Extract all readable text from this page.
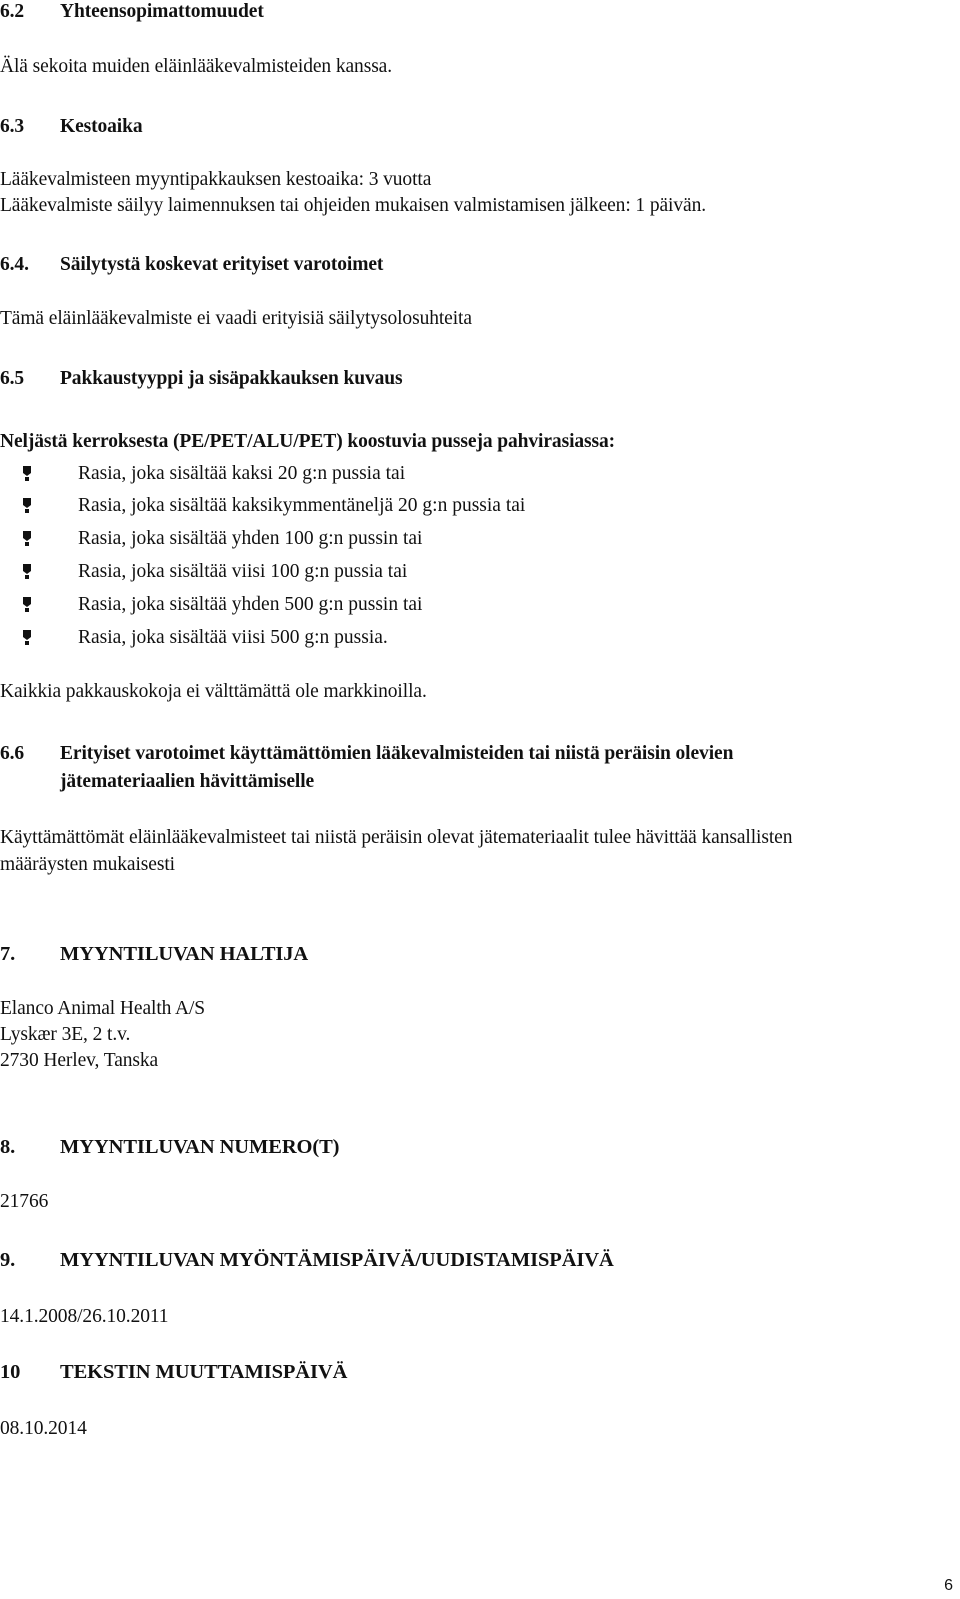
6.2 Yhteensopimattomuudet
Älä sekoita muiden eläinlääkevalmisteiden kanssa.
6.3 Kestoaika
Lääkevalmisteen myyntipakkauksen kestoaika: 3 vuotta
Lääkevalmiste säilyy laimennuksen tai ohjeiden mukaisen valmistamisen jälkeen: 1 päivän.
6.4. Säilytystä koskevat erityiset varotoimet
Tämä eläinlääkevalmiste ei vaadi erityisiä säilytysolosuhteita
6.5 Pakkaustyyppi ja sisäpakkauksen kuvaus
Neljästä kerroksesta (PE/PET/ALU/PET) koostuvia pusseja pahvirasiassa:
Rasia, joka sisältää kaksi 20 g:n pussia tai
Rasia, joka sisältää kaksikymmentäneljä 20 g:n pussia tai
Rasia, joka sisältää yhden 100 g:n pussin tai
Rasia, joka sisältää viisi 100 g:n pussia tai
Rasia, joka sisältää yhden 500 g:n pussin tai
Rasia, joka sisältää viisi 500 g:n pussia.
Kaikkia pakkauskokoja ei välttämättä ole markkinoilla.
6.6 Erityiset varotoimet käyttämättömien lääkevalmisteiden tai niistä peräisin olevien
jätemateriaalien hävittämiselle
Käyttämättömät eläinlääkevalmisteet tai niistä peräisin olevat jätemateriaalit tulee hävittää kansallisten
määräysten mukaisesti
7. MYYNTILUVAN HALTIJA
Elanco Animal Health A/S
Lyskær 3E, 2 t.v.
2730 Herlev, Tanska
8. MYYNTILUVAN NUMERO(T)
21766
9. MYYNTILUVAN MYÖNTÄMISPÄIVÄ/UUDISTAMISPÄIVÄ
14.1.2008/26.10.2011
10 TEKSTIN MUUTTAMISPÄIVÄ
08.10.2014
6
